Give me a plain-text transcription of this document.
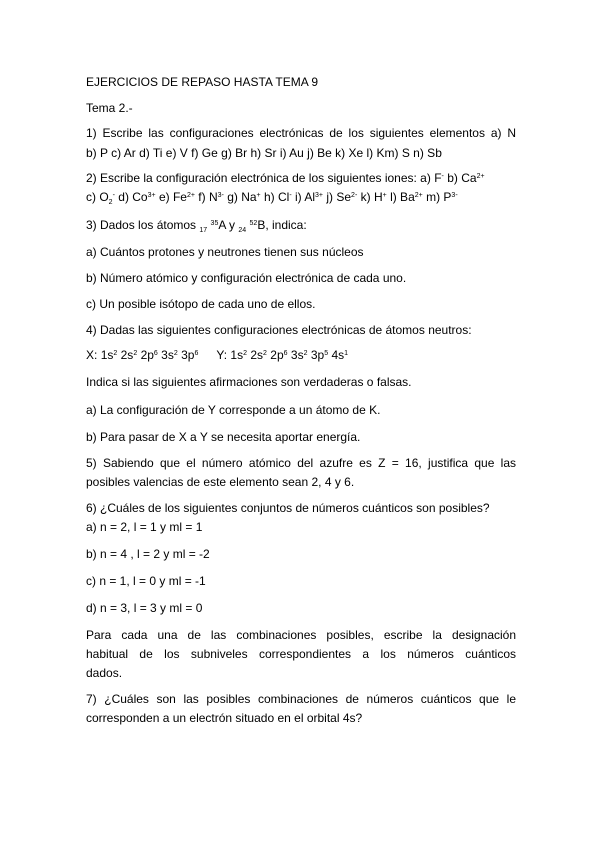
EJERCICIOS DE REPASO HASTA TEMA 9
Tema 2.-
1) Escribe las configuraciones electrónicas de los siguientes elementos a) N
b) P c) Ar d) Ti e) V f) Ge g) Br h) Sr i) Au j) Be k) Xe l) Km) S n) Sb
2) Escribe la configuración electrónica de los siguientes iones: a) F- b) $Ca^{2+}$
c) $O_2^-$ d) $Co^{3+}$ e) $Fe^{2+}$ f) $N^{3-}$ g) Na+ h) Cl- i) $Al^{3+}$ j) $Se^{2-}$ k) H+ l) $Ba^{2+}$ m) $P^{3-}$
3) Dados los átomos $_{17}$ $^{35}$A y $_{24}$ $^{52}$B, indica:
a) Cuántos protones y neutrones tienen sus núcleos
b) Número atómico y configuración electrónica de cada uno.
c) Un posible isótopo de cada uno de ellos.
4) Dadas las siguientes configuraciones electrónicas de átomos neutros:
X: $1s^2$ $2s^2$ $2p^6$ $3s^2$ $3p^6$ Y: $1s^2$ $2s^2$ $2p^6$ $3s^2$ $3p^5$ $4s^1$
Indica si las siguientes afirmaciones son verdaderas o falsas.
a) La configuración de Y corresponde a un átomo de K.
b) Para pasar de X a Y se necesita aportar energía.
5) Sabiendo que el número atómico del azufre es Z = 16, justifica que las
posibles valencias de este elemento sean 2, 4 y 6.
6) ¿Cuáles de los siguientes conjuntos de números cuánticos son posibles?
a) n = 2, l = 1 y ml = 1
b) n = 4 , l = 2 y ml = -2
c) n = 1, l = 0 y ml = -1
d) n = 3, l = 3 y ml = 0
Para cada una de las combinaciones posibles, escribe la designación
habitual de los subniveles correspondientes a los números cuánticos
dados.
7) ¿Cuáles son las posibles combinaciones de números cuánticos que le
corresponden a un electrón situado en el orbital 4s?
